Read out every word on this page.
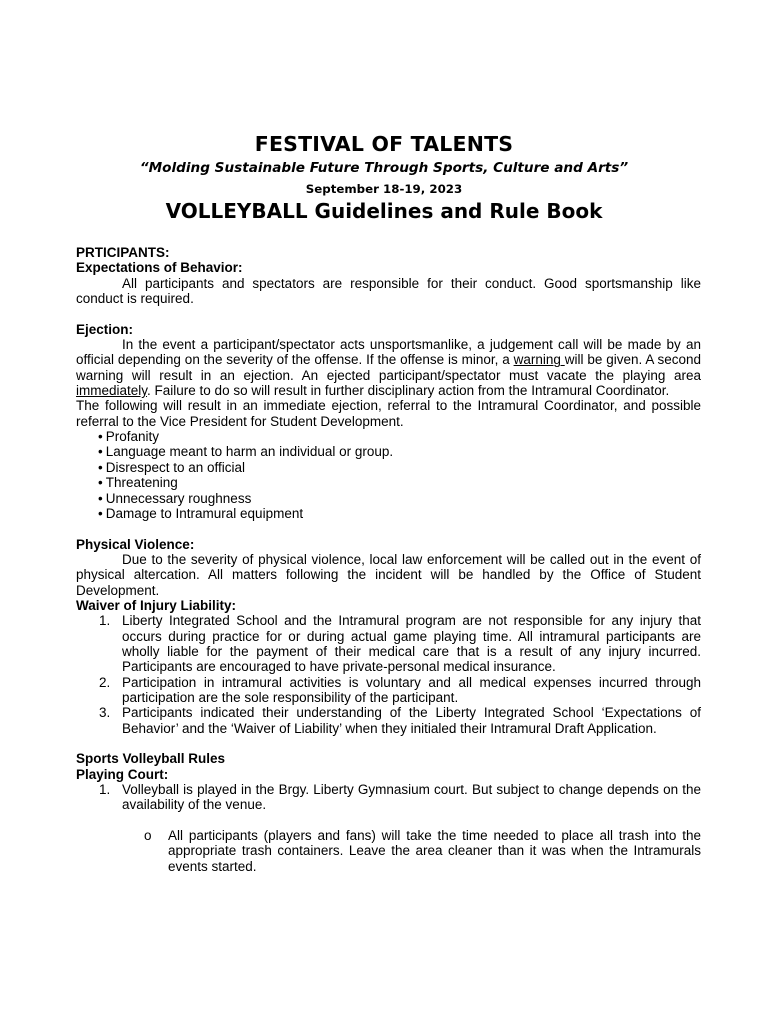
FESTIVAL OF TALENTS
“Molding Sustainable Future Through Sports, Culture and Arts”
September 18-19, 2023
VOLLEYBALL Guidelines and Rule Book

PRTICIPANTS:

Expectations of Behavior:

All participants and spectators are responsible for their conduct. Good sportsmanship like conduct is required.

Ejection:

In the event a participant/spectator acts unsportsmanlike, a judgement call will be made by an official depending on the severity of the offense. If the offense is minor, a warning will be given. A second warning will result in an ejection. An ejected participant/spectator must vacate the playing area immediately. Failure to do so will result in further disciplinary action from the Intramural Coordinator.

The following will result in an immediate ejection, referral to the Intramural Coordinator, and possible referral to the Vice President for Student Development.

• Profanity
• Language meant to harm an individual or group.
• Disrespect to an official
• Threatening
• Unnecessary roughness
• Damage to Intramural equipment

Physical Violence:

Due to the severity of physical violence, local law enforcement will be called out in the event of physical altercation. All matters following the incident will be handled by the Office of Student Development.

Waiver of Injury Liability:

1. Liberty Integrated School and the Intramural program are not responsible for any injury that occurs during practice for or during actual game playing time. All intramural participants are wholly liable for the payment of their medical care that is a result of any injury incurred. Participants are encouraged to have private-personal medical insurance.
2. Participation in intramural activities is voluntary and all medical expenses incurred through participation are the sole responsibility of the participant.
3. Participants indicated their understanding of the Liberty Integrated School ‘Expectations of Behavior’ and the ‘Waiver of Liability’ when they initialed their Intramural Draft Application.

Sports Volleyball Rules

Playing Court:

1. Volleyball is played in the Brgy. Liberty Gymnasium court. But subject to change depends on the availability of the venue.

o All participants (players and fans) will take the time needed to place all trash into the appropriate trash containers. Leave the area cleaner than it was when the Intramurals events started.
